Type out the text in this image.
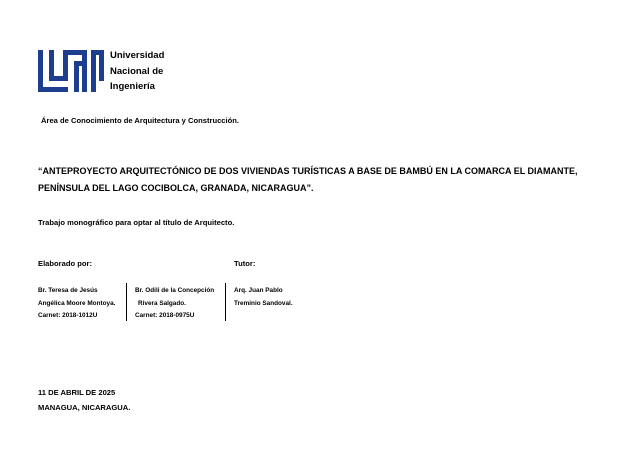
Universidad
Nacional de
Ingeniería
Área de Conocimiento de Arquitectura y Construcción.
“ANTEPROYECTO ARQUITECTÓNICO DE DOS VIVIENDAS TURÍSTICAS A BASE DE BAMBÚ EN LA COMARCA EL DIAMANTE, PENÍNSULA DEL LAGO COCIBOLCA, GRANADA, NICARAGUA”.
Trabajo monográfico para optar al título de Arquitecto.
Elaborado por:	Tutor:
Br. Teresa de Jesús
Angélica Moore Montoya.
Carnet: 2018-1012U
Br. Odili de la Concepción
Rivera Salgado.
Carnet: 2018-0975U
Arq. Juan Pablo
Treminio Sandoval.
11 DE ABRIL DE 2025
MANAGUA, NICARAGUA.
